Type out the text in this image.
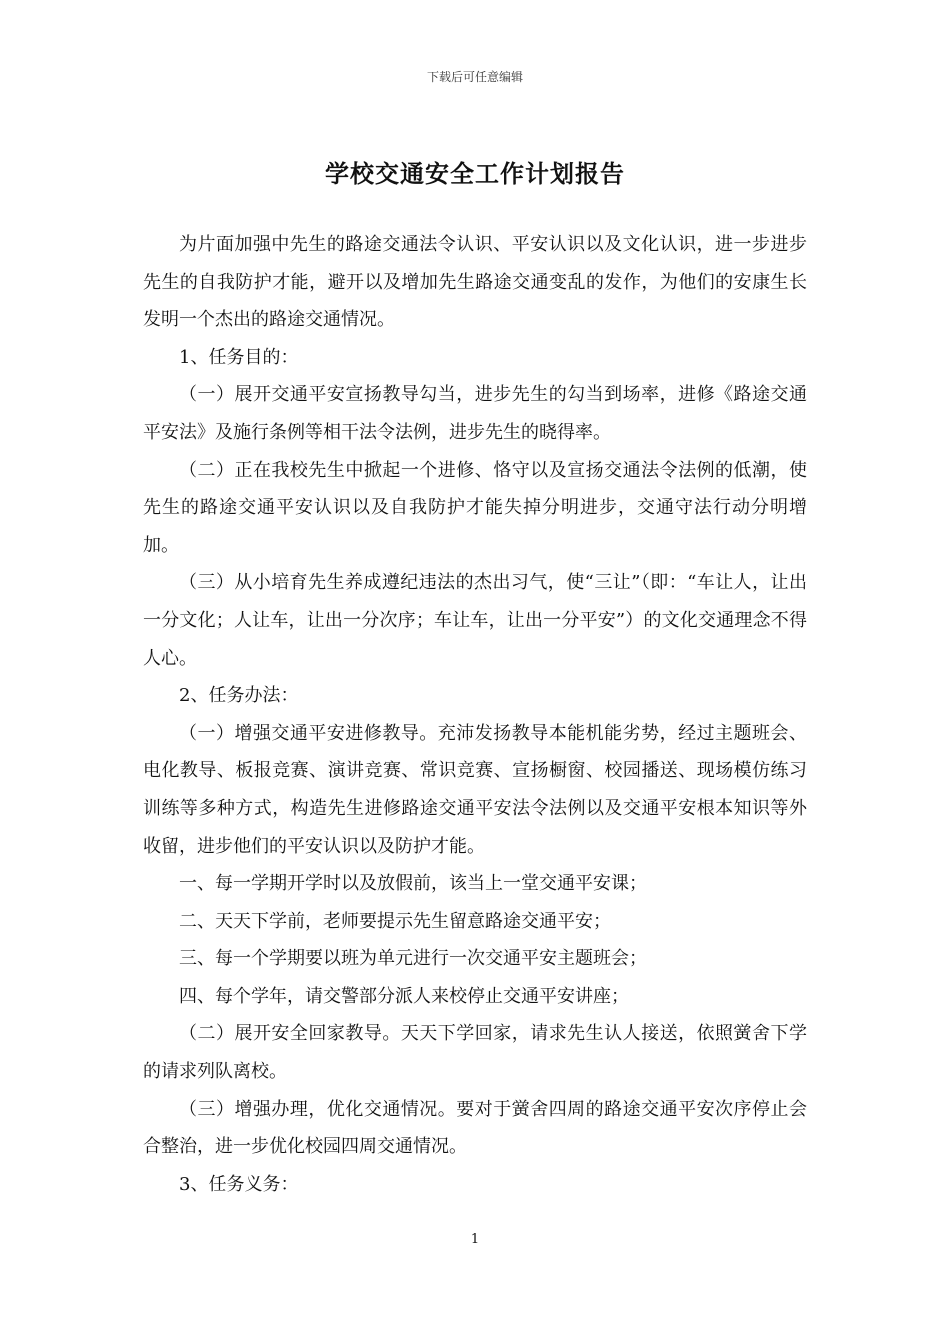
下载后可任意编辑
学校交通安全工作计划报告

为片面加强中先生的路途交通法令认识、平安认识以及文化认识，进一步进步先生的自我防护才能，避开以及增加先生路途交通变乱的发作，为他们的安康生长发明一个杰出的路途交通情况。

1、任务目的：

（一）展开交通平安宣扬教导勾当，进步先生的勾当到场率，进修《路途交通平安法》及施行条例等相干法令法例，进步先生的晓得率。

（二）正在我校先生中掀起一个进修、恪守以及宣扬交通法令法例的低潮，使先生的路途交通平安认识以及自我防护才能失掉分明进步，交通守法行动分明增加。

（三）从小培育先生养成遵纪违法的杰出习气，使“三让”（即：“车让人，让出一分文化；人让车，让出一分次序；车让车，让出一分平安”）的文化交通理念不得人心。

2、任务办法：

（一）增强交通平安进修教导。充沛发扬教导本能机能劣势，经过主题班会、电化教导、板报竞赛、演讲竞赛、常识竞赛、宣扬橱窗、校园播送、现场模仿练习训练等多种方式，构造先生进修路途交通平安法令法例以及交通平安根本知识等外收留，进步他们的平安认识以及防护才能。

一、每一学期开学时以及放假前，该当上一堂交通平安课；

二、天天下学前，老师要提示先生留意路途交通平安；

三、每一个学期要以班为单元进行一次交通平安主题班会；

四、每个学年，请交警部分派人来校停止交通平安讲座；

（二）展开安全回家教导。天天下学回家，请求先生认人接送，依照黉舍下学的请求列队离校。

（三）增强办理，优化交通情况。要对于黉舍四周的路途交通平安次序停止会合整治，进一步优化校园四周交通情况。

3、任务义务：

1
